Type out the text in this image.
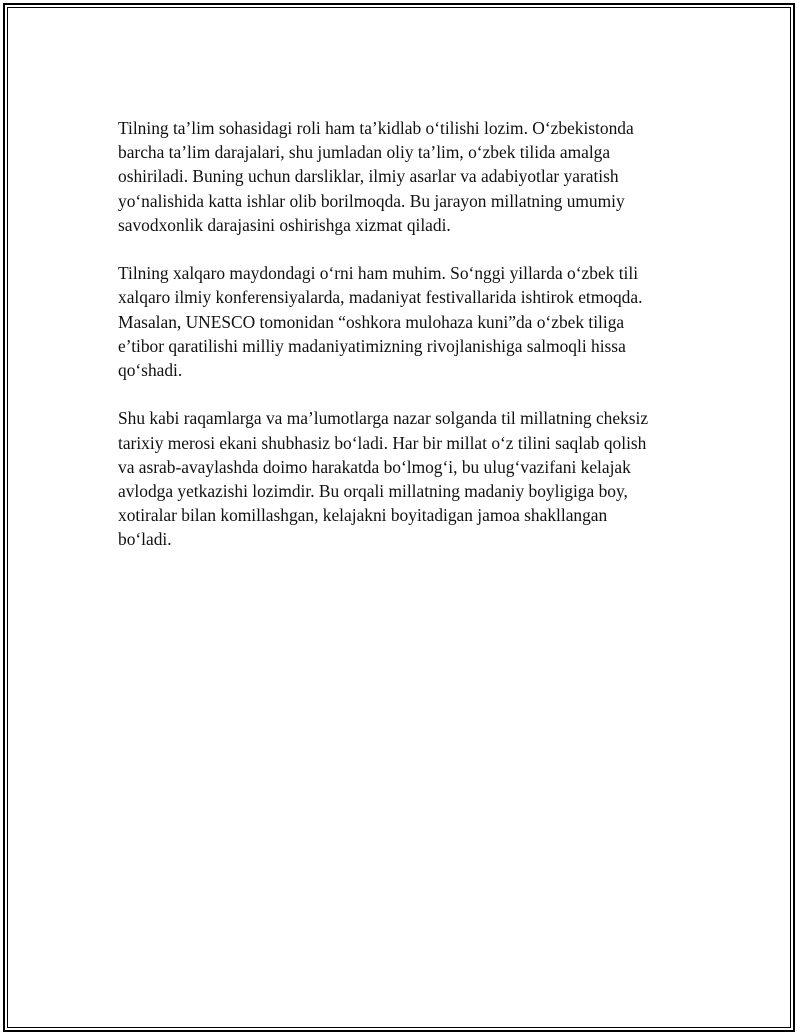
Tilning ta’lim sohasidagi roli ham ta’kidlab o‘tilishi lozim. O‘zbekistonda
barcha ta’lim darajalari, shu jumladan oliy ta’lim, o‘zbek tilida amalga
oshiriladi. Buning uchun darsliklar, ilmiy asarlar va adabiyotlar yaratish
yo‘nalishida katta ishlar olib borilmoqda. Bu jarayon millatning umumiy
savodxonlik darajasini oshirishga xizmat qiladi.

Tilning xalqaro maydondagi o‘rni ham muhim. So‘nggi yillarda o‘zbek tili
xalqaro ilmiy konferensiyalarda, madaniyat festivallarida ishtirok etmoqda.
Masalan, UNESCO tomonidan “oshkora mulohaza kuni”da o‘zbek tiliga
e’tibor qaratilishi milliy madaniyatimizning rivojlanishiga salmoqli hissa
qo‘shadi.

Shu kabi raqamlarga va ma’lumotlarga nazar solganda til millatning cheksiz
tarixiy merosi ekani shubhasiz bo‘ladi. Har bir millat o‘z tilini saqlab qolish
va asrab-avaylashda doimo harakatda bo‘lmog‘i, bu ulug‘vazifani kelajak
avlodga yetkazishi lozimdir. Bu orqali millatning madaniy boyligiga boy,
xotiralar bilan komillashgan, kelajakni boyitadigan jamoa shakllangan
bo‘ladi.
